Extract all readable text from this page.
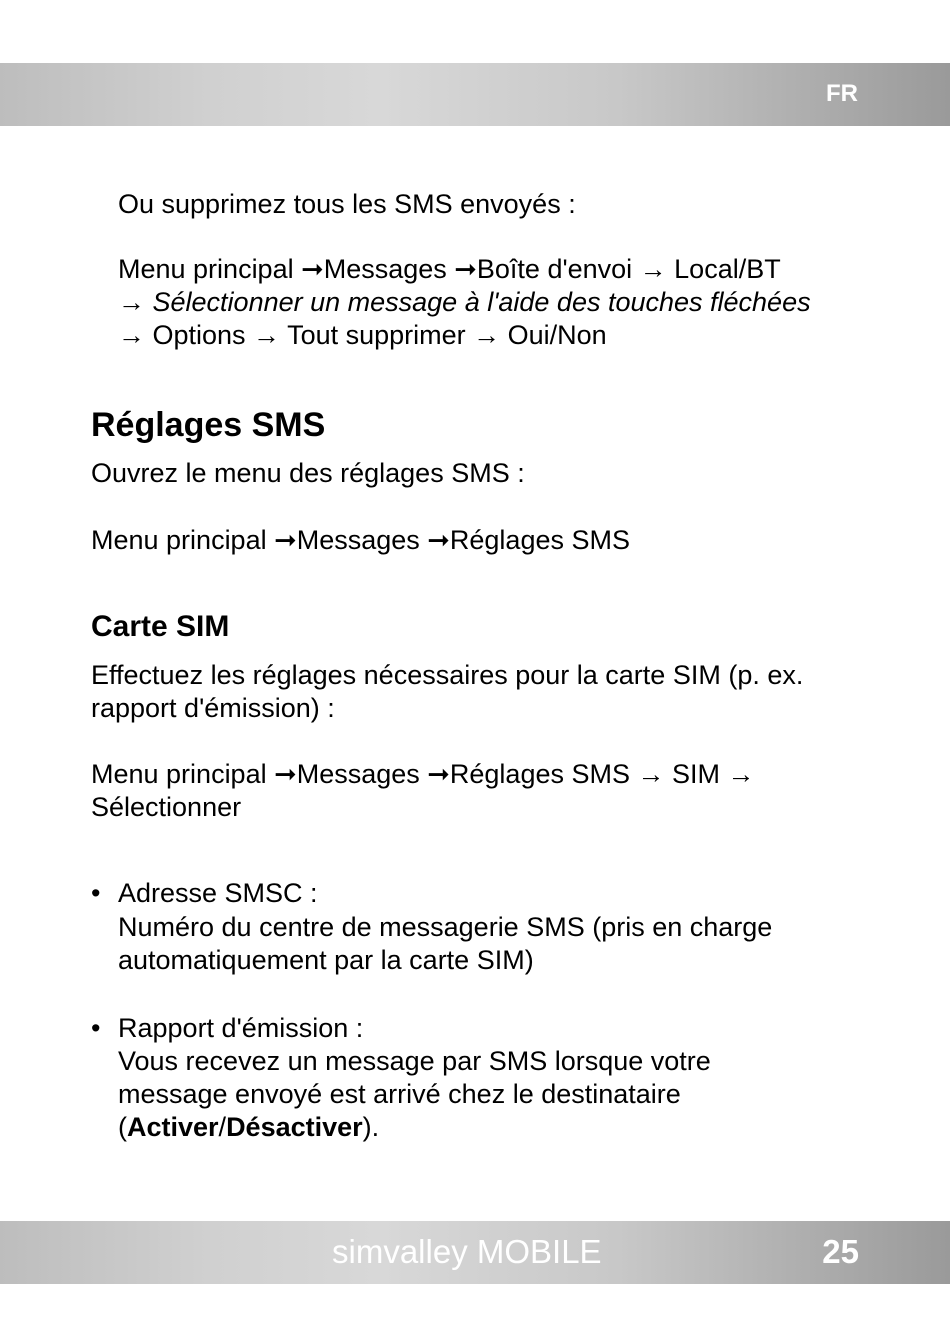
FR
Ou supprimez tous les SMS envoyés :
Menu principal ➞Messages ➞Boîte d'envoi → Local/BT
→ Sélectionner un message à l'aide des touches fléchées
→ Options → Tout supprimer → Oui/Non
Réglages SMS
Ouvrez le menu des réglages SMS :
Menu principal ➞Messages ➞Réglages SMS
Carte SIM
Effectuez les réglages nécessaires pour la carte SIM (p. ex.
rapport d'émission) :
Menu principal ➞Messages ➞Réglages SMS → SIM →
Sélectionner
• Adresse SMSC :
Numéro du centre de messagerie SMS (pris en charge
automatiquement par la carte SIM)
• Rapport d'émission :
Vous recevez un message par SMS lorsque votre
message envoyé est arrivé chez le destinataire
(Activer/Désactiver).
simvalley MOBILE	25
